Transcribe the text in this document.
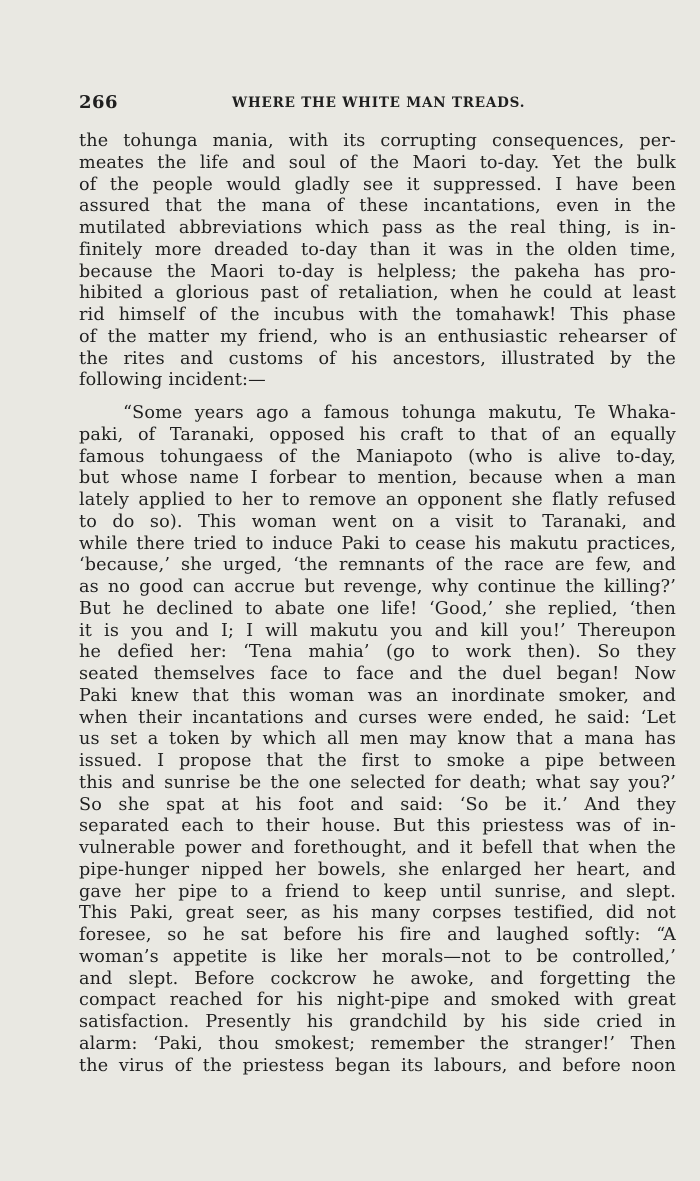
266	WHERE THE WHITE MAN TREADS.
the tohunga mania, with its corrupting consequences, per-
meates the life and soul of the Maori to-day. Yet the bulk
of the people would gladly see it suppressed. I have been
assured that the mana of these incantations, even in the
mutilated abbreviations which pass as the real thing, is in-
finitely more dreaded to-day than it was in the olden time,
because the Maori to-day is helpless; the pakeha has pro-
hibited a glorious past of retaliation, when he could at least
rid himself of the incubus with the tomahawk! This phase
of the matter my friend, who is an enthusiastic rehearser of
the rites and customs of his ancestors, illustrated by the
following incident:—
“Some years ago a famous tohunga makutu, Te Whaka-
paki, of Taranaki, opposed his craft to that of an equally
famous tohungaess of the Maniapoto (who is alive to-day,
but whose name I forbear to mention, because when a man
lately applied to her to remove an opponent she flatly refused
to do so). This woman went on a visit to Taranaki, and
while there tried to induce Paki to cease his makutu practices,
‘because,’ she urged, ‘the remnants of the race are few, and
as no good can accrue but revenge, why continue the killing?’
But he declined to abate one life! ‘Good,’ she replied, ‘then
it is you and I; I will makutu you and kill you!’ Thereupon
he defied her: ‘Tena mahia’ (go to work then). So they
seated themselves face to face and the duel began! Now
Paki knew that this woman was an inordinate smoker, and
when their incantations and curses were ended, he said: ‘Let
us set a token by which all men may know that a mana has
issued. I propose that the first to smoke a pipe between
this and sunrise be the one selected for death; what say you?’
So she spat at his foot and said: ‘So be it.’ And they
separated each to their house. But this priestess was of in-
vulnerable power and forethought, and it befell that when the
pipe-hunger nipped her bowels, she enlarged her heart, and
gave her pipe to a friend to keep until sunrise, and slept.
This Paki, great seer, as his many corpses testified, did not
foresee, so he sat before his fire and laughed softly: “A
woman’s appetite is like her morals—not to be controlled,’
and slept. Before cockcrow he awoke, and forgetting the
compact reached for his night-pipe and smoked with great
satisfaction. Presently his grandchild by his side cried in
alarm: ‘Paki, thou smokest; remember the stranger!’ Then
the virus of the priestess began its labours, and before noon
